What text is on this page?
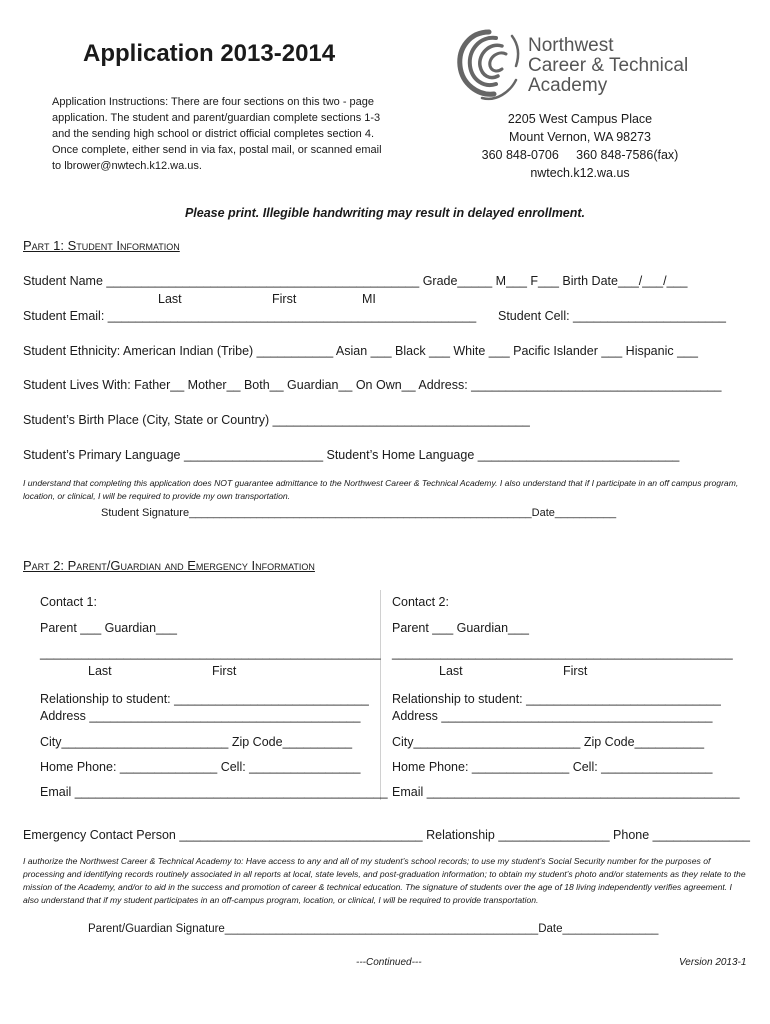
Application 2013-2014
Application Instructions: There are four sections on this two - page application. The student and parent/guardian complete sections 1-3 and the sending high school or district official completes section 4. Once complete, either send in via fax, postal mail, or scanned email to lbrower@nwtech.k12.wa.us.
Northwest
Career & Technical
Academy
2205 West Campus Place
Mount Vernon, WA 98273
360 848-0706     360 848-7586(fax)
nwtech.k12.wa.us
Please print. Illegible handwriting may result in delayed enrollment.
Part 1: Student Information
Student Name _____________________________________________ Grade_____ M___ F___ Birth Date___/___/___
Last	First	MI
Student Email: _____________________________________________________ Student Cell: ______________________
Student Ethnicity: American Indian (Tribe) ___________ Asian ___ Black ___ White ___ Pacific Islander ___ Hispanic ___
Student Lives With: Father__ Mother__ Both__ Guardian__ On Own__ Address: ____________________________________
Student’s Birth Place (City, State or Country) _____________________________________
Student’s Primary Language ____________________ Student’s Home Language _____________________________
I understand that completing this application does NOT guarantee admittance to the Northwest Career & Technical Academy. I also understand that if I participate in an off campus program, location, or clinical, I will be required to provide my own transportation.
Student Signature________________________________________________________Date__________
Part 2: Parent/Guardian and Emergency Information
Contact 1:
Parent ___ Guardian___
_________________________________________________
Last	First
Relationship to student: ____________________________
Address _______________________________________
City________________________ Zip Code__________
Home Phone: ______________ Cell: ________________
Email _____________________________________________
Contact 2:
Parent ___ Guardian___
_________________________________________________
Last	First
Relationship to student: ____________________________
Address _______________________________________
City________________________ Zip Code__________
Home Phone: ______________ Cell: ________________
Email _____________________________________________
Emergency Contact Person ___________________________________ Relationship ________________ Phone ______________
I authorize the Northwest Career & Technical Academy to: Have access to any and all of my student’s school records; to use my student’s Social Security number for the purposes of processing and identifying records routinely associated in all reports at local, state levels, and post-graduation information; to obtain my student’s photo and/or statements as they relate to the mission of the Academy, and/or to aid in the success and promotion of career & technical education. The signature of students over the age of 18 living independently verifies agreement. I also understand that if my student participates in an off-campus program, location, or clinical, I will be required to provide transportation.
Parent/Guardian Signature_________________________________________________Date_______________
---Continued---	Version 2013-1
